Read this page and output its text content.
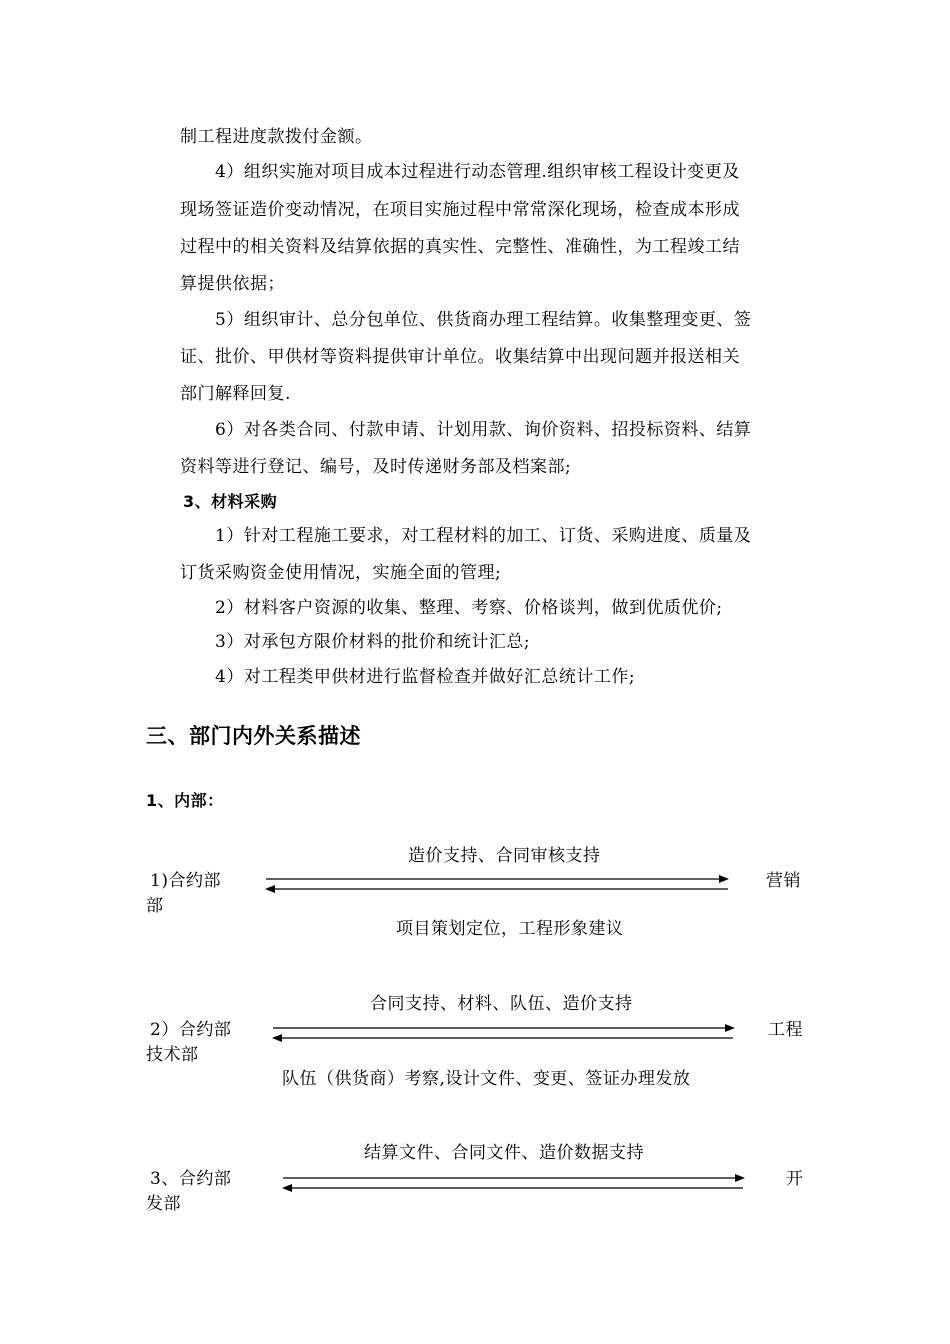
制工程进度款拨付金额。
4）组织实施对项目成本过程进行动态管理.组织审核工程设计变更及
现场签证造价变动情况，在项目实施过程中常常深化现场，检查成本形成
过程中的相关资料及结算依据的真实性、完整性、准确性，为工程竣工结
算提供依据；
5）组织审计、总分包单位、供货商办理工程结算。收集整理变更、签
证、批价、甲供材等资料提供审计单位。收集结算中出现问题并报送相关
部门解释回复.
6）对各类合同、付款申请、计划用款、询价资料、招投标资料、结算
资料等进行登记、编号，及时传递财务部及档案部;
3、材料采购
1）针对工程施工要求，对工程材料的加工、订货、采购进度、质量及
订货采购资金使用情况，实施全面的管理;
2）材料客户资源的收集、整理、考察、价格谈判，做到优质优价;
3）对承包方限价材料的批价和统计汇总;
4）对工程类甲供材进行监督检查并做好汇总统计工作;
三、部门内外关系描述
1、内部：
造价支持、合同审核支持
1)合约部
部
营销
项目策划定位，工程形象建议
合同支持、材料、队伍、造价支持
2）合约部
技术部
工程
队伍（供货商）考察,设计文件、变更、签证办理发放
结算文件、合同文件、造价数据支持
3、合约部
发部
开
